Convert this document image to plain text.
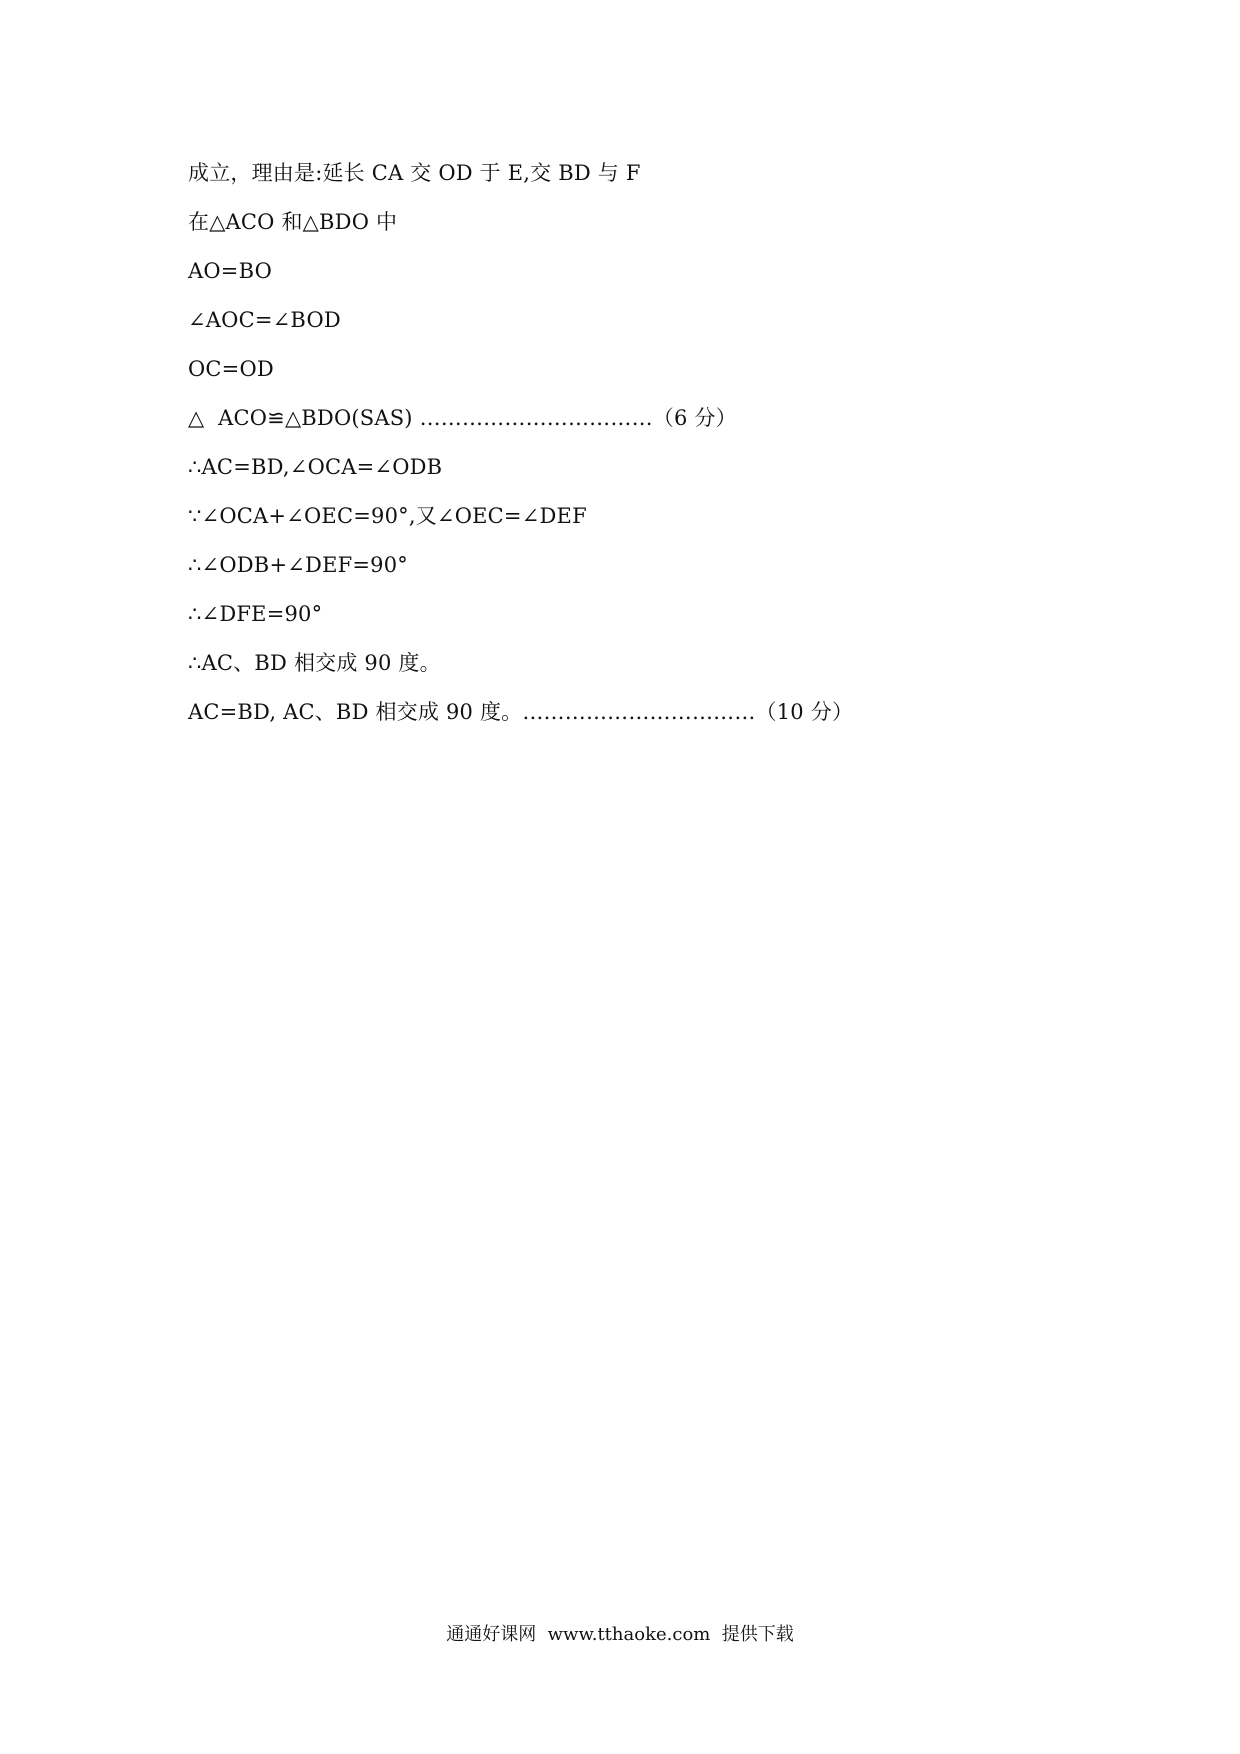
成立，理由是:延长 CA 交 OD 于 E,交 BD 与 F
在△ACO 和△BDO 中
AO=BO
∠AOC=∠BOD
OC=OD
△  ACO≌△BDO(SAS) ……………………………（6 分）
∴AC=BD,∠OCA=∠ODB
∵∠OCA+∠OEC=90°,又∠OEC=∠DEF
∴∠ODB+∠DEF=90°
∴∠DFE=90°
∴AC、BD 相交成 90 度。
AC=BD, AC、BD 相交成 90 度。……………………………（10 分）
通通好课网  www.tthaoke.com  提供下载
